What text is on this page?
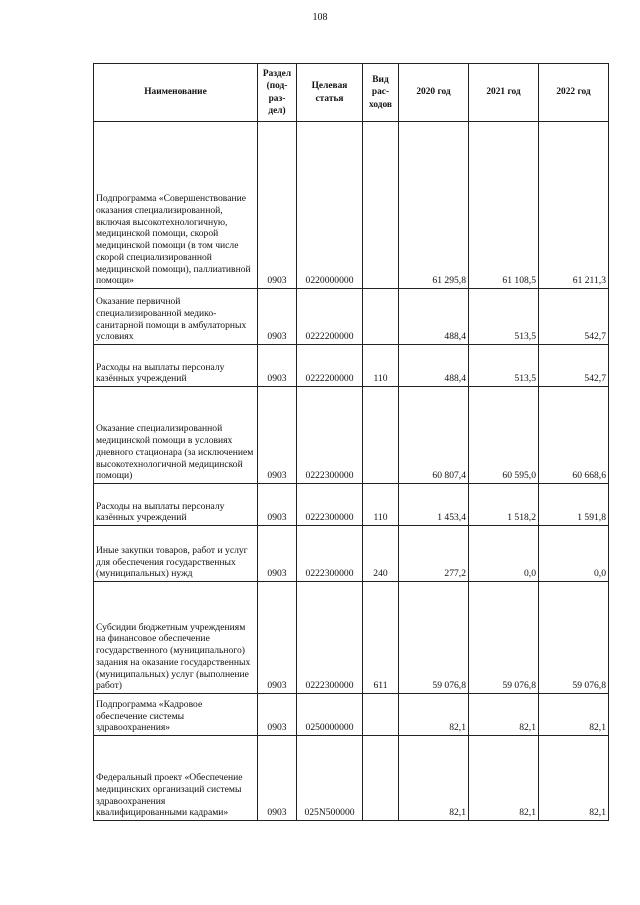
108
Наименование	Раздел (под-раз-дел)	Целевая статья	Вид рас-ходов	2020 год	2021 год	2022 год
Подпрограмма «Совершенствование оказания специализированной, включая высокотехнологичную, медицинской помощи, скорой медицинской помощи (в том числе скорой специализированной медицинской помощи), паллиативной помощи»	0903	0220000000		61 295,8	61 108,5	61 211,3
Оказание первичной специализированной медико-санитарной помощи в амбулаторных условиях	0903	0222200000		488,4	513,5	542,7
Расходы на выплаты персоналу казённых учреждений	0903	0222200000	110	488,4	513,5	542,7
Оказание специализированной медицинской помощи в условиях дневного стационара (за исключением высокотехнологичной медицинской помощи)	0903	0222300000		60 807,4	60 595,0	60 668,6
Расходы на выплаты персоналу казённых учреждений	0903	0222300000	110	1 453,4	1 518,2	1 591,8
Иные закупки товаров, работ и услуг для обеспечения государственных (муниципальных) нужд	0903	0222300000	240	277,2	0,0	0,0
Субсидии бюджетным учреждениям на финансовое обеспечение государственного (муниципального) задания на оказание государственных (муниципальных) услуг (выполнение работ)	0903	0222300000	611	59 076,8	59 076,8	59 076,8
Подпрограмма «Кадровое обеспечение системы здравоохранения»	0903	0250000000		82,1	82,1	82,1
Федеральный проект «Обеспечение медицинских организаций системы здравоохранения квалифицированными кадрами»	0903	025N500000		82,1	82,1	82,1
